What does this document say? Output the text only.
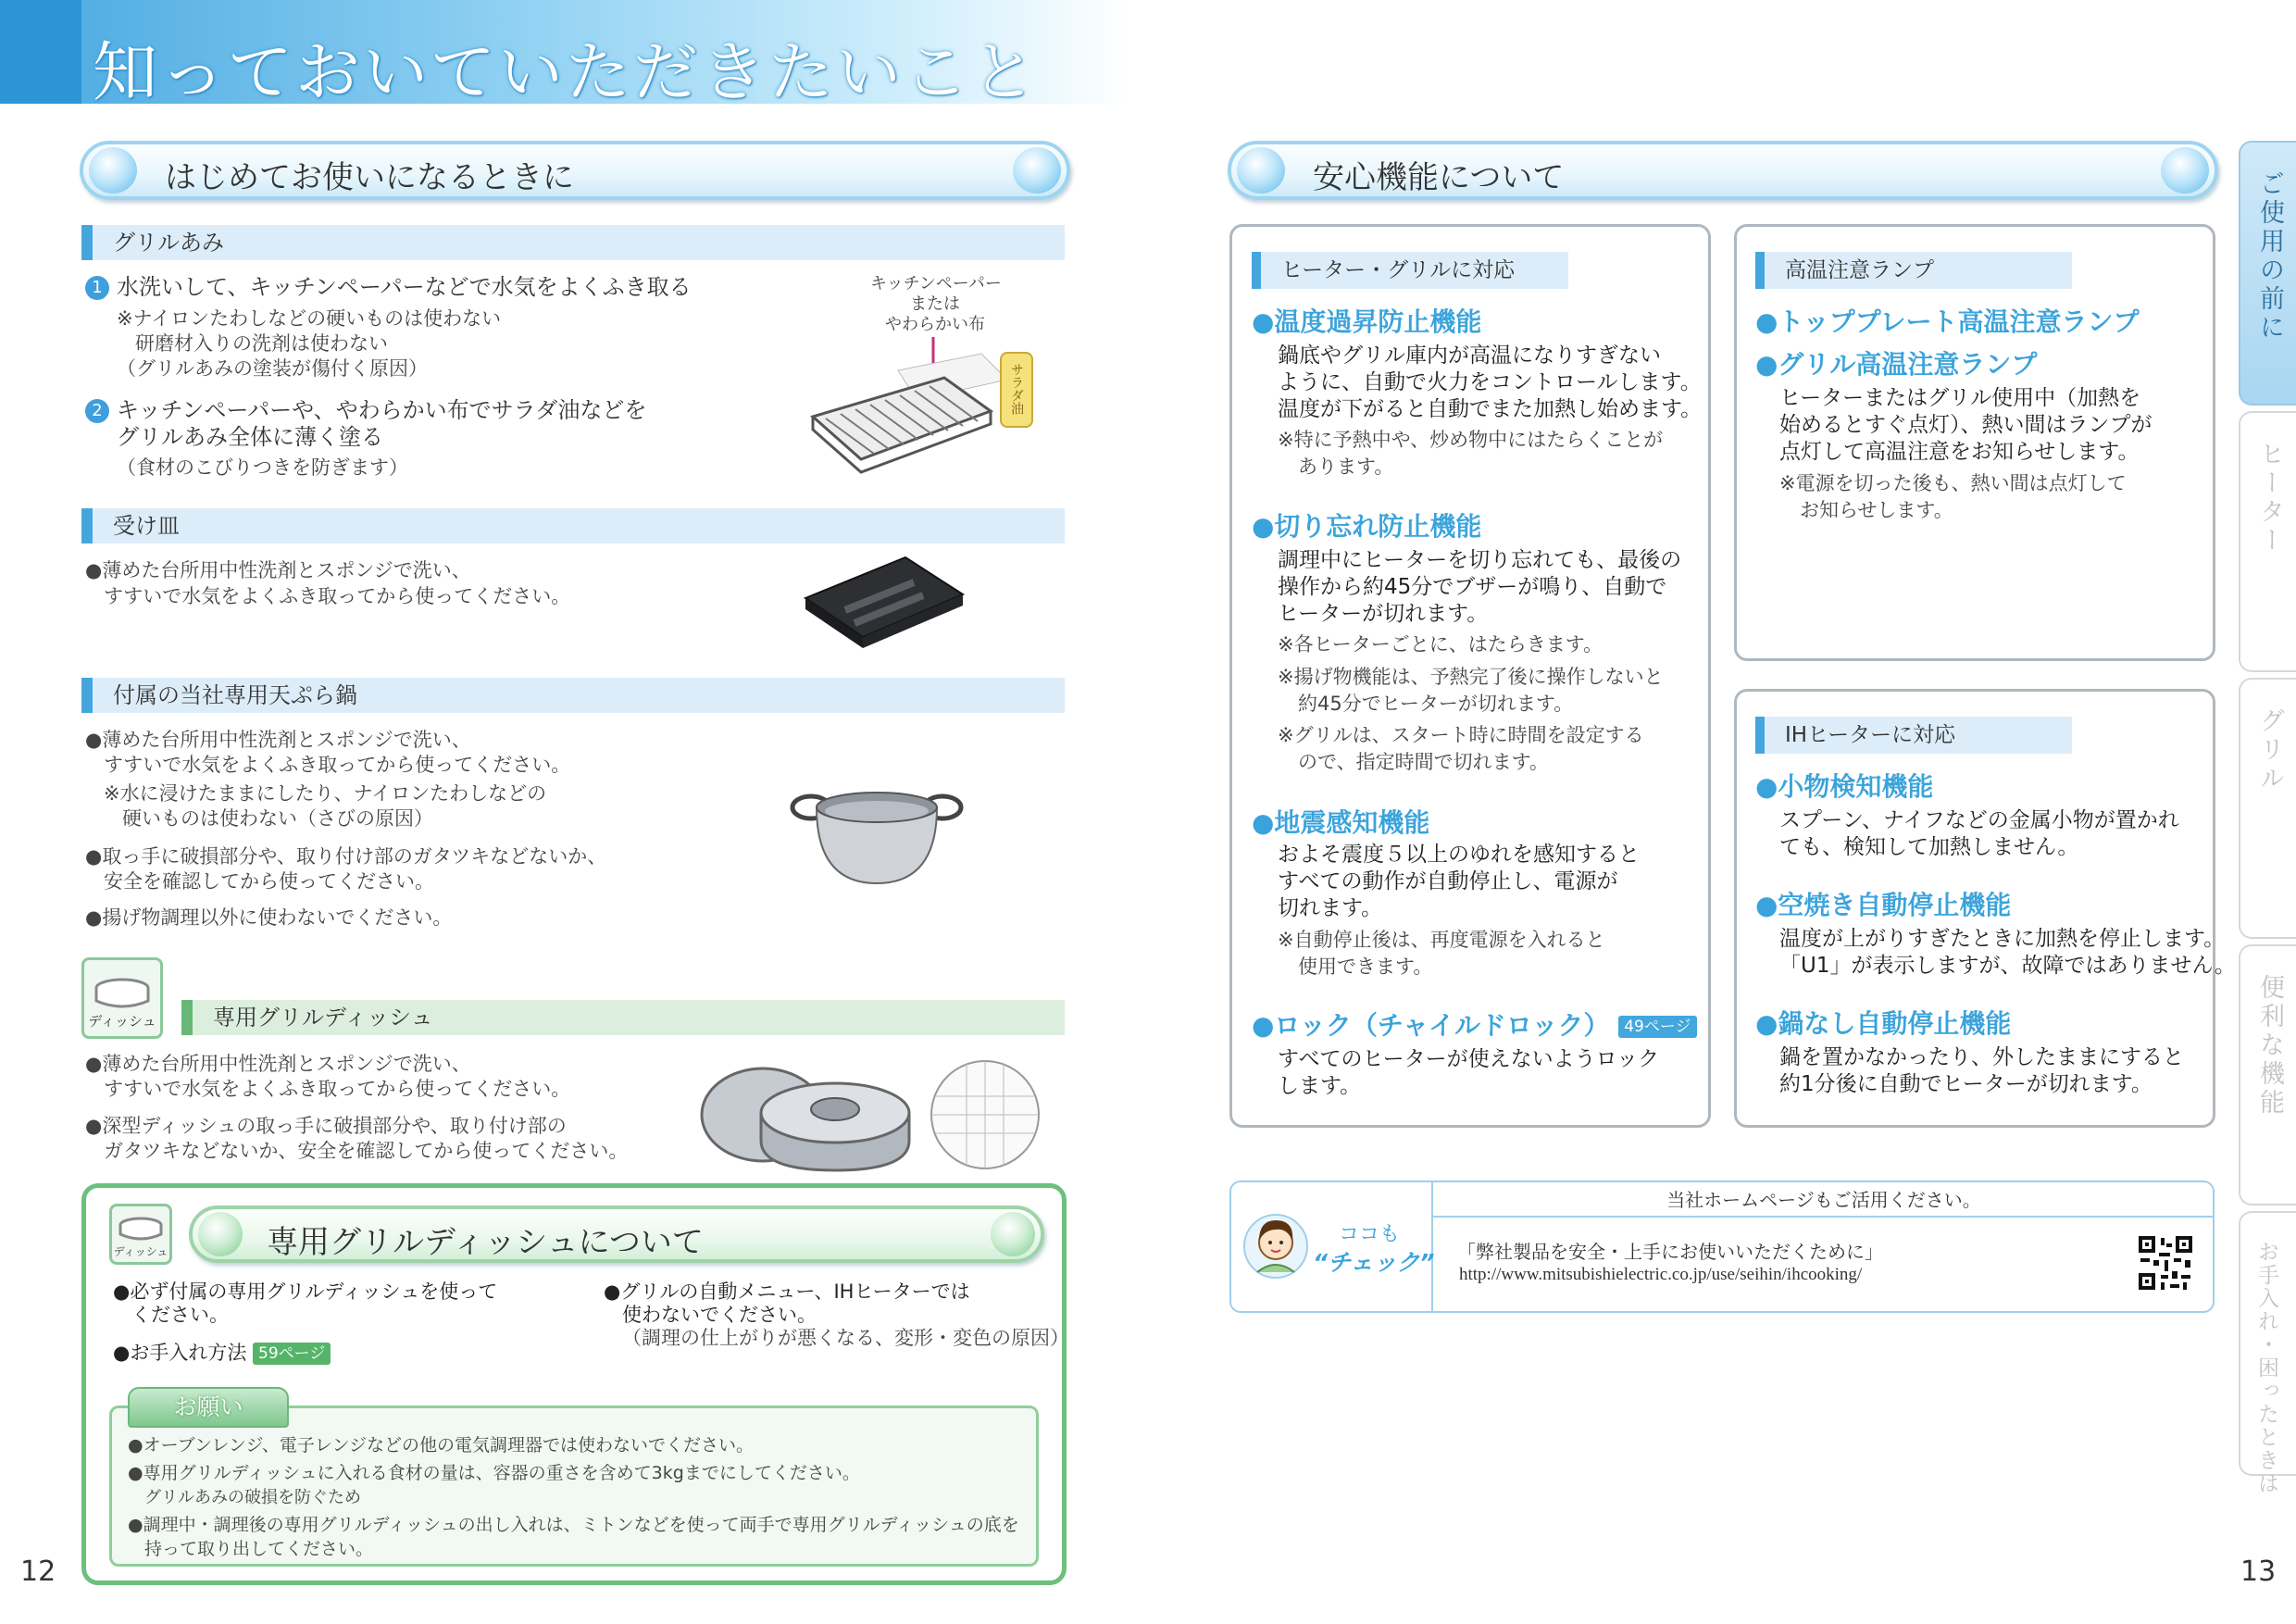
知っておいていただきたいこと
はじめてお使いになるときに
グリルあみ
1 水洗いして、キッチンペーパーなどで水気をよくふき取る
※ナイロンたわしなどの硬いものは使わない
研磨材入りの洗剤は使わない
（グリルあみの塗装が傷付く原因）
2 キッチンペーパーや、やわらかい布でサラダ油などを
グリルあみ全体に薄く塗る
（食材のこびりつきを防ぎます）
キッチンペーパー
または
やわらかい布
サラダ油
受け皿
●薄めた台所用中性洗剤とスポンジで洗い、
すすいで水気をよくふき取ってから使ってください。
付属の当社専用天ぷら鍋
●薄めた台所用中性洗剤とスポンジで洗い、
すすいで水気をよくふき取ってから使ってください。
※水に浸けたままにしたり、ナイロンたわしなどの
硬いものは使わない（さびの原因）
●取っ手に破損部分や、取り付け部のガタツキなどないか、
安全を確認してから使ってください。
●揚げ物調理以外に使わないでください。
ディッシュ	専用グリルディッシュ
●薄めた台所用中性洗剤とスポンジで洗い、
すすいで水気をよくふき取ってから使ってください。
●深型ディッシュの取っ手に破損部分や、取り付け部の
ガタツキなどないか、安全を確認してから使ってください。
ディッシュ	専用グリルディッシュについて
●必ず付属の専用グリルディッシュを使って
ください。
●お手入れ方法 59ページ
●グリルの自動メニュー、IHヒーターでは
使わないでください。
（調理の仕上がりが悪くなる、変形・変色の原因）
お願い
●オーブンレンジ、電子レンジなどの他の電気調理器では使わないでください。
●専用グリルディッシュに入れる食材の量は、容器の重さを含めて3kgまでにしてください。
グリルあみの破損を防ぐため
●調理中・調理後の専用グリルディッシュの出し入れは、ミトンなどを使って両手で専用グリルディッシュの底を
持って取り出してください。
12
安心機能について
ヒーター・グリルに対応
●温度過昇防止機能
鍋底やグリル庫内が高温になりすぎない
ように、自動で火力をコントロールします。
温度が下がると自動でまた加熱し始めます。
※特に予熱中や、炒め物中にはたらくことが
あります。
●切り忘れ防止機能
調理中にヒーターを切り忘れても、最後の
操作から約45分でブザーが鳴り、自動で
ヒーターが切れます。
※各ヒーターごとに、はたらきます。
※揚げ物機能は、予熱完了後に操作しないと
約45分でヒーターが切れます。
※グリルは、スタート時に時間を設定する
ので、指定時間で切れます。
●地震感知機能
およそ震度５以上のゆれを感知すると
すべての動作が自動停止し、電源が
切れます。
※自動停止後は、再度電源を入れると
使用できます。
●ロック（チャイルドロック） 49ページ
すべてのヒーターが使えないようロック
します。
高温注意ランプ
●トッププレート高温注意ランプ
●グリル高温注意ランプ
ヒーターまたはグリル使用中（加熱を
始めるとすぐ点灯）、熱い間はランプが
点灯して高温注意をお知らせします。
※電源を切った後も、熱い間は点灯して
お知らせします。
IHヒーターに対応
●小物検知機能
スプーン、ナイフなどの金属小物が置かれ
ても、検知して加熱しません。
●空焼き自動停止機能
温度が上がりすぎたときに加熱を停止します。
「U1」が表示しますが、故障ではありません。
●鍋なし自動停止機能
鍋を置かなかったり、外したままにすると
約1分後に自動でヒーターが切れます。
ココも
“チェック”
当社ホームページもご活用ください。
「弊社製品を安全・上手にお使いいただくために」
http://www.mitsubishielectric.co.jp/use/seihin/ihcooking/
13
ご使用の前に
ヒーター
グリル
便利な機能
お手入れ・困ったときは
